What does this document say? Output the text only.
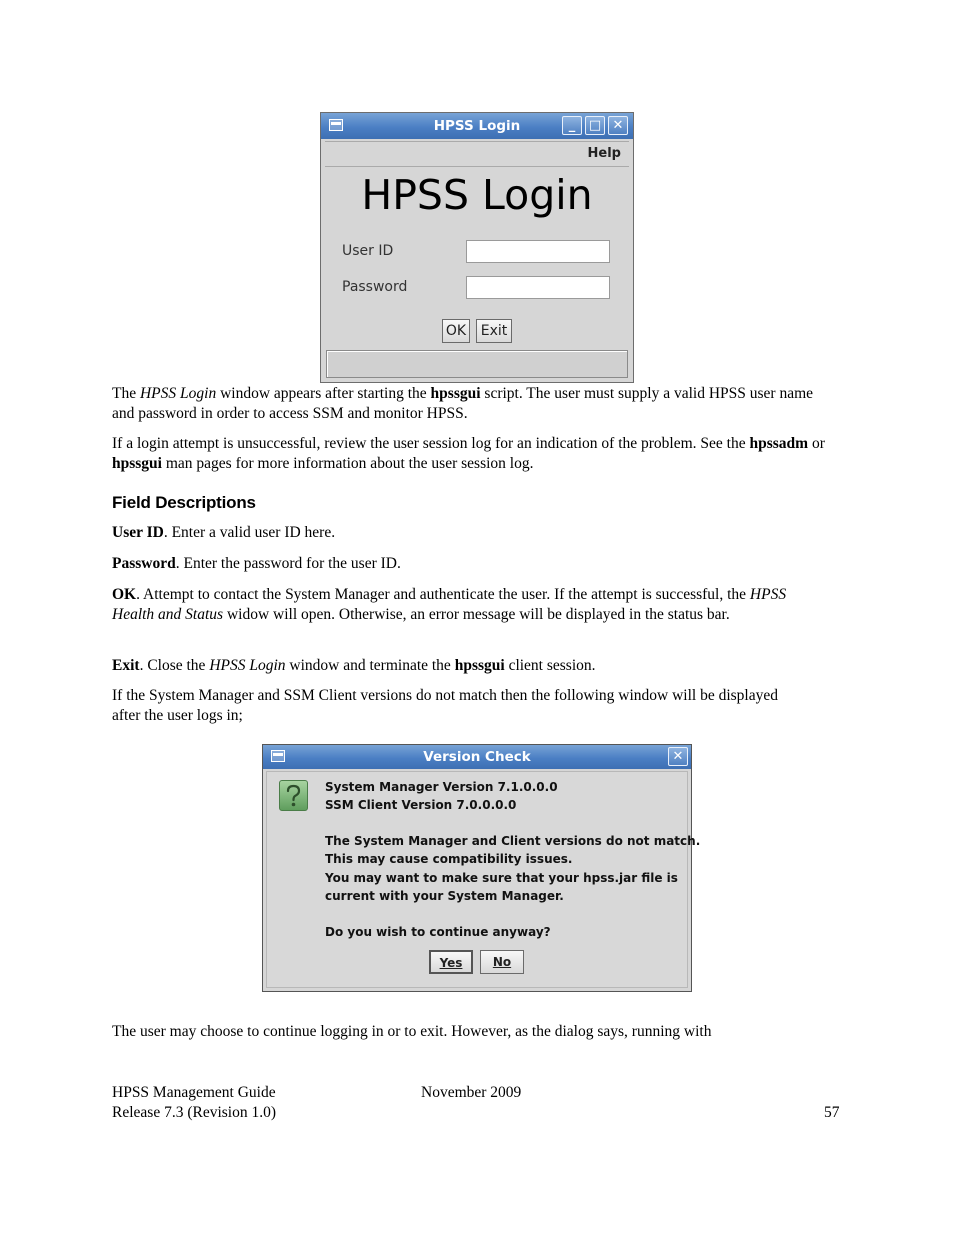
HPSS Login	_	□ ✕
Help
HPSS Login
User ID
Password
OK	Exit
The HPSS Login window appears after starting the hpssgui script. The user must supply a valid HPSS user name and password in order to access SSM and monitor HPSS.
If a login attempt is unsuccessful, review the user session log for an indication of the problem. See the hpssadm or hpssgui man pages for more information about the user session log.
Field Descriptions
User ID. Enter a valid user ID here.
Password. Enter the password for the user ID.
OK. Attempt to contact the System Manager and authenticate the user. If the attempt is successful, the HPSS Health and Status widow will open. Otherwise, an error message will be displayed in the status bar.
Exit. Close the HPSS Login window and terminate the hpssgui client session.
If the System Manager and SSM Client versions do not match then the following window will be displayed after the user logs in;
Version Check	✕
System Manager Version 7.1.0.0.0
SSM Client Version 7.0.0.0.0
The System Manager and Client versions do not match.
This may cause compatibility issues.
You may want to make sure that your hpss.jar file is
current with your System Manager.
Do you wish to continue anyway?
Yes	No
The user may choose to continue logging in or to exit. However, as the dialog says, running with
HPSS Management Guide	November 2009
Release 7.3 (Revision 1.0)	57
